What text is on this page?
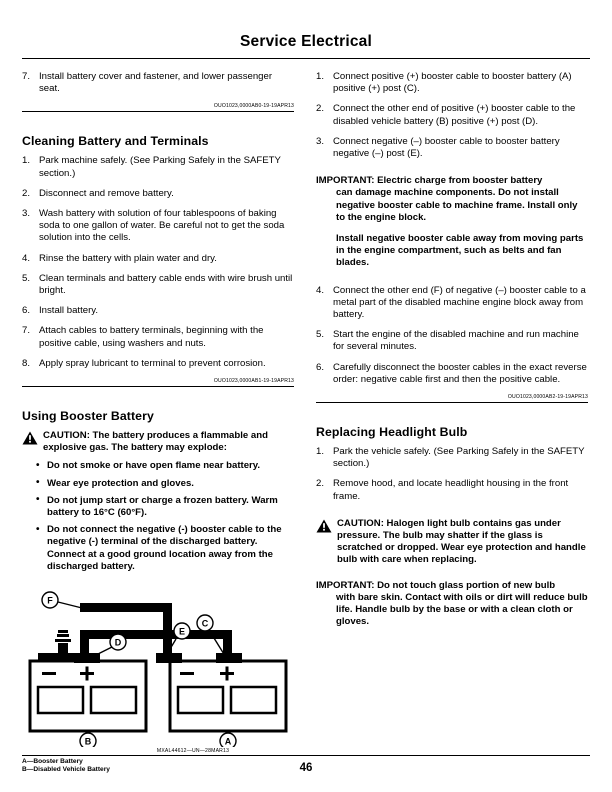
Service Electrical
7. Install battery cover and fastener, and lower passenger seat.
OUO1023,0000AB0-19-19APR13
Cleaning Battery and Terminals
1. Park machine safely. (See Parking Safely in the SAFETY section.)
2. Disconnect and remove battery.
3. Wash battery with solution of four tablespoons of baking soda to one gallon of water. Be careful not to get the soda solution into the cells.
4. Rinse the battery with plain water and dry.
5. Clean terminals and battery cable ends with wire brush until bright.
6. Install battery.
7. Attach cables to battery terminals, beginning with the positive cable, using washers and nuts.
8. Apply spray lubricant to terminal to prevent corrosion.
OUO1023,0000AB1-19-19APR13
Using Booster Battery
CAUTION: The battery produces a flammable and explosive gas. The battery may explode:
• Do not smoke or have open flame near battery.
• Wear eye protection and gloves.
• Do not jump start or charge a frozen battery. Warm battery to 16°C (60°F).
• Do not connect the negative (-) booster cable to the negative (-) terminal of the discharged battery. Connect at a good ground location away from the discharged battery.
F
D
E
C
B	A
MXAL44612—UN—28MAR13
A—Booster Battery
B—Disabled Vehicle Battery
1. Connect positive (+) booster cable to booster battery (A) positive (+) post (C).
2. Connect the other end of positive (+) booster cable to the disabled vehicle battery (B) positive (+) post (D).
3. Connect negative (–) booster cable to booster battery negative (–) post (E).
IMPORTANT: Electric charge from booster battery
can damage machine components. Do not install negative booster cable to machine frame. Install only to the engine block.
Install negative booster cable away from moving parts in the engine compartment, such as belts and fan blades.
4. Connect the other end (F) of negative (–) booster cable to a metal part of the disabled machine engine block away from battery.
5. Start the engine of the disabled machine and run machine for several minutes.
6. Carefully disconnect the booster cables in the exact reverse order: negative cable first and then the positive cable.
OUO1023,0000AB2-19-19APR13
Replacing Headlight Bulb
1. Park the vehicle safely. (See Parking Safely in the SAFETY section.)
2. Remove hood, and locate headlight housing in the front frame.
CAUTION: Halogen light bulb contains gas under pressure. The bulb may shatter if the glass is scratched or dropped. Wear eye protection and handle bulb with care when replacing.
IMPORTANT: Do not touch glass portion of new bulb
with bare skin. Contact with oils or dirt will reduce bulb life. Handle bulb by the base or with a clean cloth or gloves.
46
